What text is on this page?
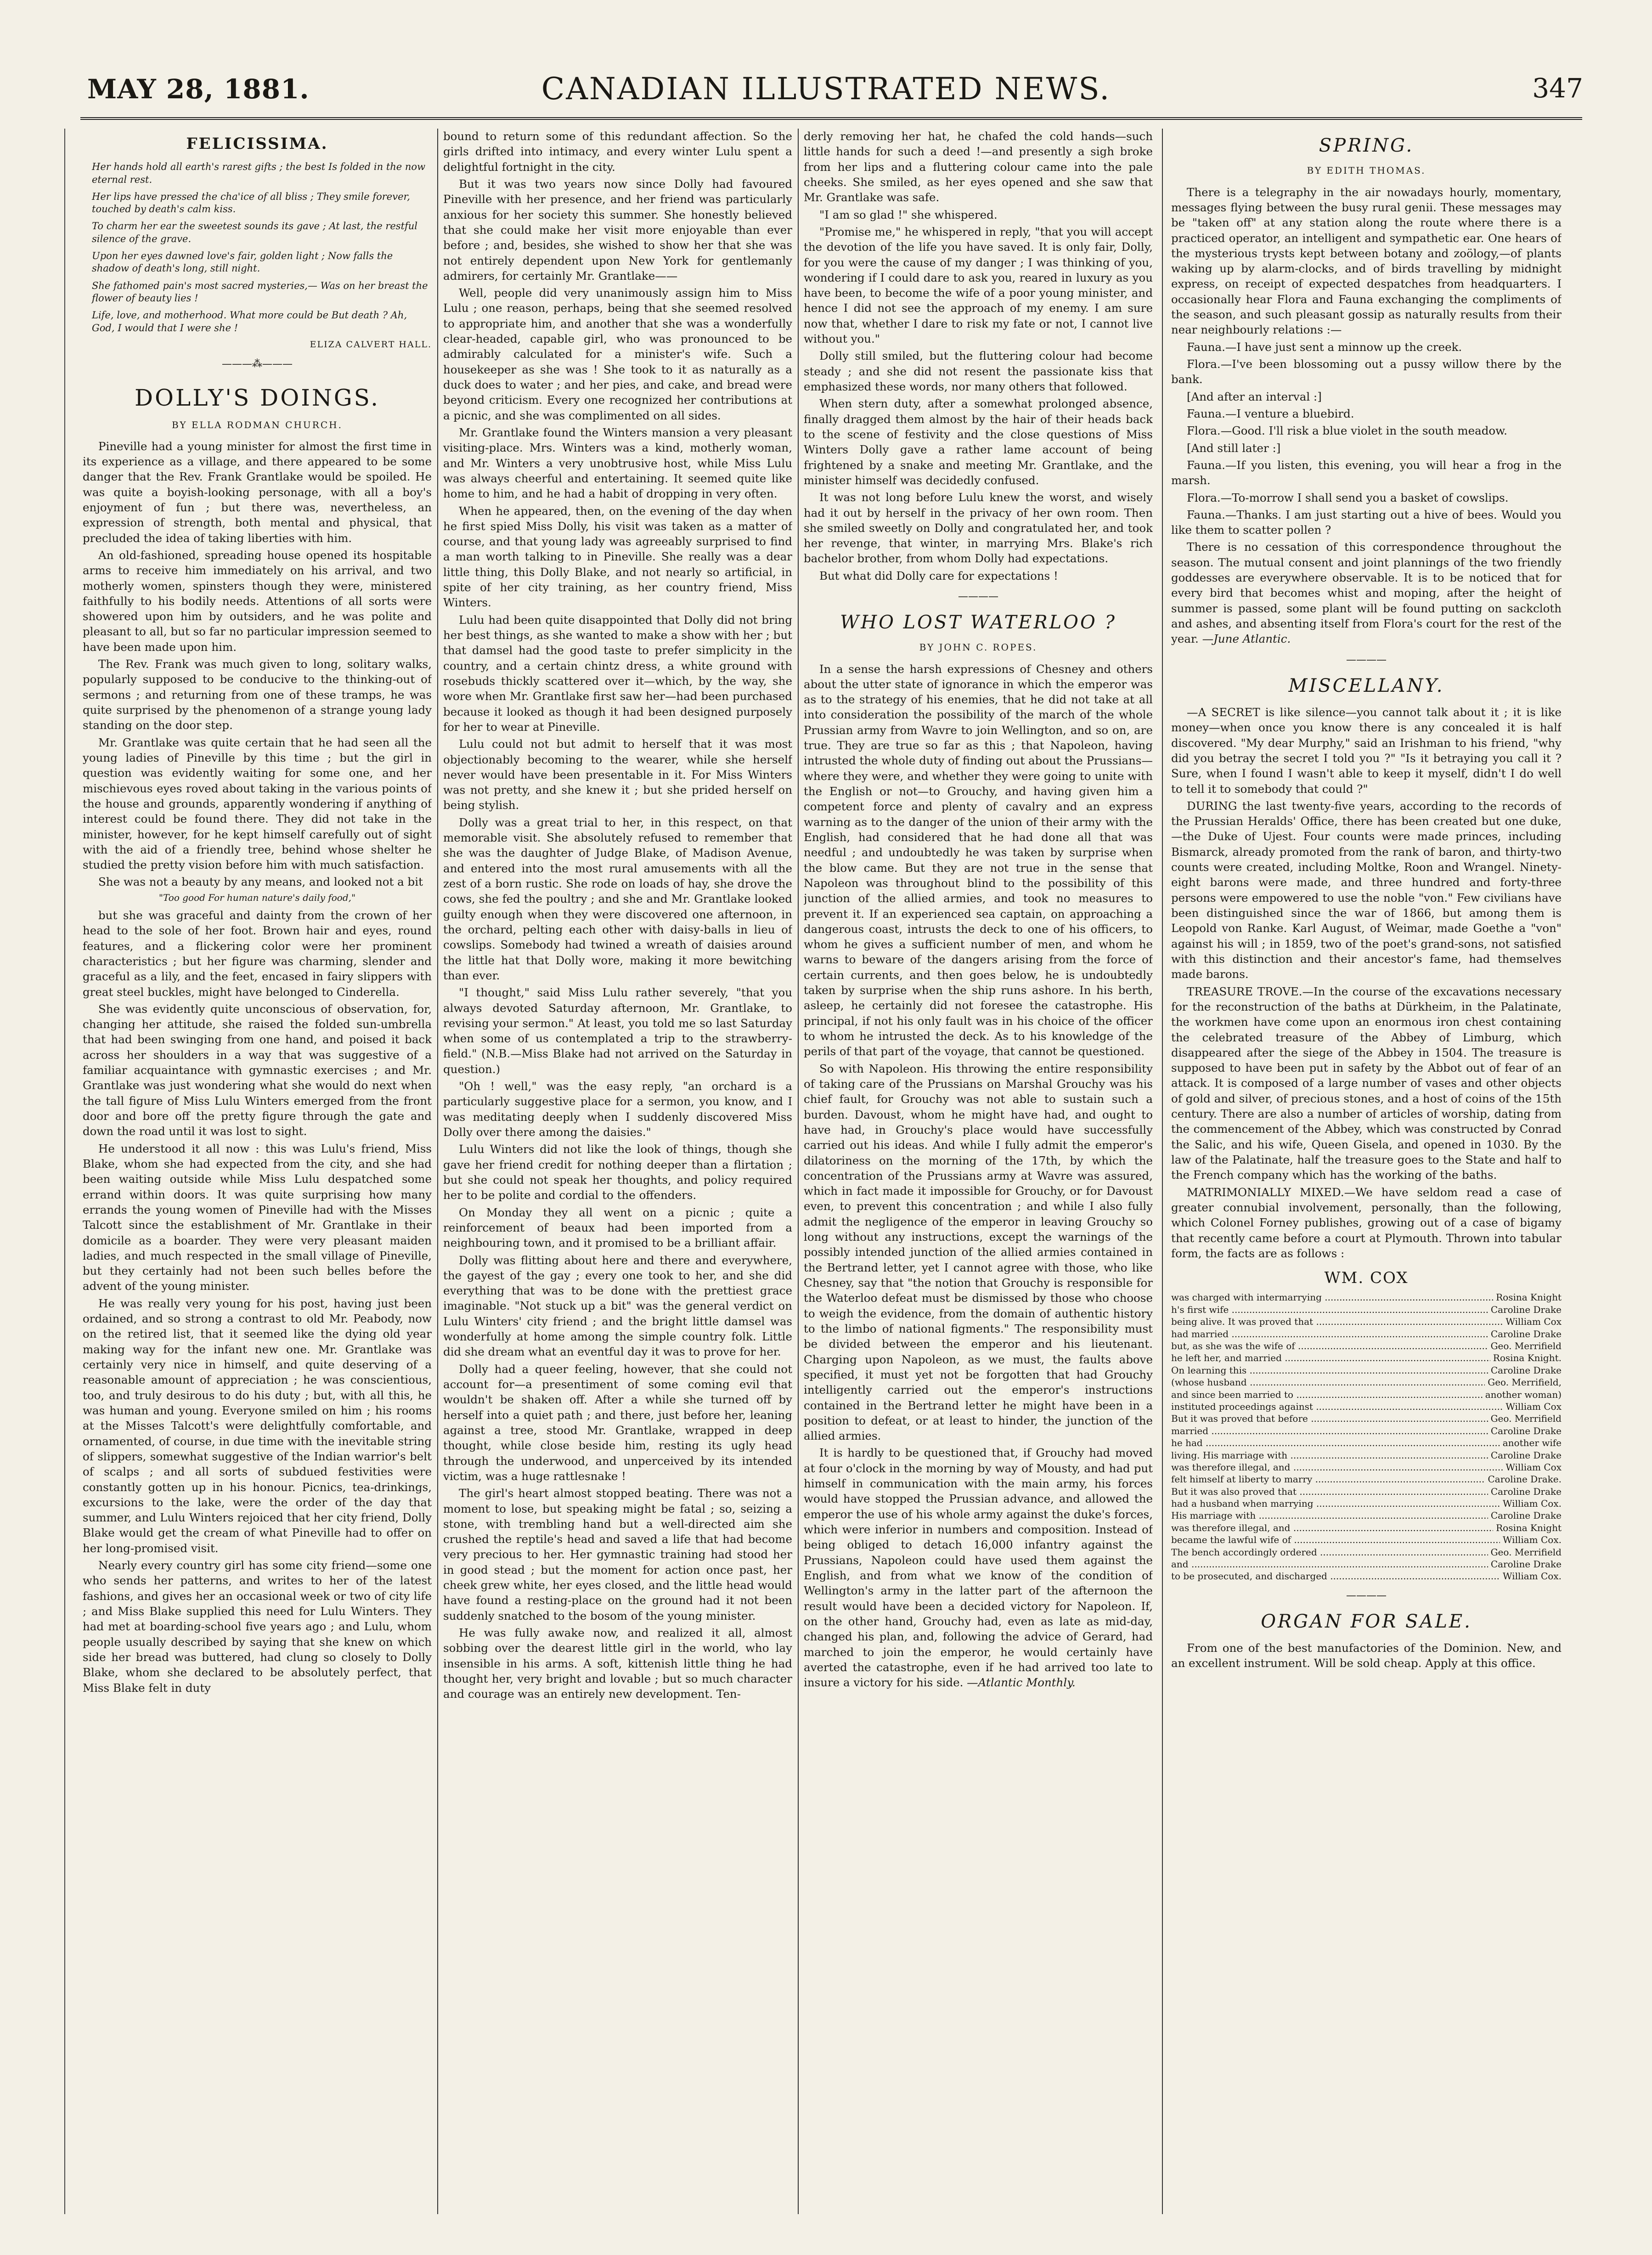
MAY 28, 1881.	CANADIAN ILLUSTRATED NEWS.	347
FELICISSIMA.
Her hands hold all earth's rarest gifts ; the best Is folded in the now eternal rest.
Her lips have pressed the cha'ice of all bliss ; They smile forever, touched by death's calm kiss.
To charm her ear the sweetest sounds its gave ; At last, the restful silence of the grave.
Upon her eyes dawned love's fair, golden light ; Now falls the shadow of death's long, still night.
She fathomed pain's most sacred mysteries,— Was on her breast the flower of beauty lies !
Life, love, and motherhood. What more could be But death ? Ah, God, I would that I were she !
ELIZA CALVERT HALL.
———⁂———
DOLLY'S DOINGS.
BY ELLA RODMAN CHURCH.

Pineville had a young minister for almost the first time in its experience as a village, and there appeared to be some danger that the Rev. Frank Grantlake would be spoiled. He was quite a boyish-looking personage, with all a boy's enjoyment of fun ; but there was, nevertheless, an expression of strength, both mental and physical, that precluded the idea of taking liberties with him.

An old-fashioned, spreading house opened its hospitable arms to receive him immediately on his arrival, and two motherly women, spinsters though they were, ministered faithfully to his bodily needs. Attentions of all sorts were showered upon him by outsiders, and he was polite and pleasant to all, but so far no particular impression seemed to have been made upon him.

The Rev. Frank was much given to long, solitary walks, popularly supposed to be conducive to the thinking-out of sermons ; and returning from one of these tramps, he was quite surprised by the phenomenon of a strange young lady standing on the door step.

Mr. Grantlake was quite certain that he had seen all the young ladies of Pineville by this time ; but the girl in question was evidently waiting for some one, and her mischievous eyes roved about taking in the various points of the house and grounds, apparently wondering if anything of interest could be found there. They did not take in the minister, however, for he kept himself carefully out of sight with the aid of a friendly tree, behind whose shelter he studied the pretty vision before him with much satisfaction.

She was not a beauty by any means, and looked not a bit

"Too good For human nature's daily food,"

but she was graceful and dainty from the crown of her head to the sole of her foot. Brown hair and eyes, round features, and a flickering color were her prominent characteristics ; but her figure was charming, slender and graceful as a lily, and the feet, encased in fairy slippers with great steel buckles, might have belonged to Cinderella.

She was evidently quite unconscious of observation, for, changing her attitude, she raised the folded sun-umbrella that had been swinging from one hand, and poised it back across her shoulders in a way that was suggestive of a familiar acquaintance with gymnastic exercises ; and Mr. Grantlake was just wondering what she would do next when the tall figure of Miss Lulu Winters emerged from the front door and bore off the pretty figure through the gate and down the road until it was lost to sight.

He understood it all now : this was Lulu's friend, Miss Blake, whom she had expected from the city, and she had been waiting outside while Miss Lulu despatched some errand within doors. It was quite surprising how many errands the young women of Pineville had with the Misses Talcott since the establishment of Mr. Grantlake in their domicile as a boarder. They were very pleasant maiden ladies, and much respected in the small village of Pineville, but they certainly had not been such belles before the advent of the young minister.

He was really very young for his post, having just been ordained, and so strong a contrast to old Mr. Peabody, now on the retired list, that it seemed like the dying old year making way for the infant new one. Mr. Grantlake was certainly very nice in himself, and quite deserving of a reasonable amount of appreciation ; he was conscientious, too, and truly desirous to do his duty ; but, with all this, he was human and young. Everyone smiled on him ; his rooms at the Misses Talcott's were delightfully comfortable, and ornamented, of course, in due time with the inevitable string of slippers, somewhat suggestive of the Indian warrior's belt of scalps ; and all sorts of subdued festivities were constantly gotten up in his honour. Picnics, tea-drinkings, excursions to the lake, were the order of the day that summer, and Lulu Winters rejoiced that her city friend, Dolly Blake would get the cream of what Pineville had to offer on her long-promised visit.

Nearly every country girl has some city friend—some one who sends her patterns, and writes to her of the latest fashions, and gives her an occasional week or two of city life ; and Miss Blake supplied this need for Lulu Winters. They had met at boarding-school five years ago ; and Lulu, whom people usually described by saying that she knew on which side her bread was buttered, had clung so closely to Dolly Blake, whom she declared to be absolutely perfect, that Miss Blake felt in duty

bound to return some of this redundant affection. So the girls drifted into intimacy, and every winter Lulu spent a delightful fortnight in the city.

But it was two years now since Dolly had favoured Pineville with her presence, and her friend was particularly anxious for her society this summer. She honestly believed that she could make her visit more enjoyable than ever before ; and, besides, she wished to show her that she was not entirely dependent upon New York for gentlemanly admirers, for certainly Mr. Grantlake——

Well, people did very unanimously assign him to Miss Lulu ; one reason, perhaps, being that she seemed resolved to appropriate him, and another that she was a wonderfully clear-headed, capable girl, who was pronounced to be admirably calculated for a minister's wife. Such a housekeeper as she was ! She took to it as naturally as a duck does to water ; and her pies, and cake, and bread were beyond criticism. Every one recognized her contributions at a picnic, and she was complimented on all sides.

Mr. Grantlake found the Winters mansion a very pleasant visiting-place. Mrs. Winters was a kind, motherly woman, and Mr. Winters a very unobtrusive host, while Miss Lulu was always cheerful and entertaining. It seemed quite like home to him, and he had a habit of dropping in very often.

When he appeared, then, on the evening of the day when he first spied Miss Dolly, his visit was taken as a matter of course, and that young lady was agreeably surprised to find a man worth talking to in Pineville. She really was a dear little thing, this Dolly Blake, and not nearly so artificial, in spite of her city training, as her country friend, Miss Winters.

Lulu had been quite disappointed that Dolly did not bring her best things, as she wanted to make a show with her ; but that damsel had the good taste to prefer simplicity in the country, and a certain chintz dress, a white ground with rosebuds thickly scattered over it—which, by the way, she wore when Mr. Grantlake first saw her—had been purchased because it looked as though it had been designed purposely for her to wear at Pineville.

Lulu could not but admit to herself that it was most objectionably becoming to the wearer, while she herself never would have been presentable in it. For Miss Winters was not pretty, and she knew it ; but she prided herself on being stylish.

Dolly was a great trial to her, in this respect, on that memorable visit. She absolutely refused to remember that she was the daughter of Judge Blake, of Madison Avenue, and entered into the most rural amusements with all the zest of a born rustic. She rode on loads of hay, she drove the cows, she fed the poultry ; and she and Mr. Grantlake looked guilty enough when they were discovered one afternoon, in the orchard, pelting each other with daisy-balls in lieu of cowslips. Somebody had twined a wreath of daisies around the little hat that Dolly wore, making it more bewitching than ever.

"I thought," said Miss Lulu rather severely, "that you always devoted Saturday afternoon, Mr. Grantlake, to revising your sermon." At least, you told me so last Saturday when some of us contemplated a trip to the strawberry-field." (N.B.—Miss Blake had not arrived on the Saturday in question.)

"Oh ! well," was the easy reply, "an orchard is a particularly suggestive place for a sermon, you know, and I was meditating deeply when I suddenly discovered Miss Dolly over there among the daisies."

Lulu Winters did not like the look of things, though she gave her friend credit for nothing deeper than a flirtation ; but she could not speak her thoughts, and policy required her to be polite and cordial to the offenders.

On Monday they all went on a picnic ; quite a reinforcement of beaux had been imported from a neighbouring town, and it promised to be a brilliant affair.

Dolly was flitting about here and there and everywhere, the gayest of the gay ; every one took to her, and she did everything that was to be done with the prettiest grace imaginable. "Not stuck up a bit" was the general verdict on Lulu Winters' city friend ; and the bright little damsel was wonderfully at home among the simple country folk. Little did she dream what an eventful day it was to prove for her.

Dolly had a queer feeling, however, that she could not account for—a presentiment of some coming evil that wouldn't be shaken off. After a while she turned off by herself into a quiet path ; and there, just before her, leaning against a tree, stood Mr. Grantlake, wrapped in deep thought, while close beside him, resting its ugly head through the underwood, and unperceived by its intended victim, was a huge rattlesnake !

The girl's heart almost stopped beating. There was not a moment to lose, but speaking might be fatal ; so, seizing a stone, with trembling hand but a well-directed aim she crushed the reptile's head and saved a life that had become very precious to her. Her gymnastic training had stood her in good stead ; but the moment for action once past, her cheek grew white, her eyes closed, and the little head would have found a resting-place on the ground had it not been suddenly snatched to the bosom of the young minister.

He was fully awake now, and realized it all, almost sobbing over the dearest little girl in the world, who lay insensible in his arms. A soft, kittenish little thing he had thought her, very bright and lovable ; but so much character and courage was an entirely new development. Ten-

derly removing her hat, he chafed the cold hands—such little hands for such a deed !—and presently a sigh broke from her lips and a fluttering colour came into the pale cheeks. She smiled, as her eyes opened and she saw that Mr. Grantlake was safe.

"I am so glad !" she whispered.

"Promise me," he whispered in reply, "that you will accept the devotion of the life you have saved. It is only fair, Dolly, for you were the cause of my danger ; I was thinking of you, wondering if I could dare to ask you, reared in luxury as you have been, to become the wife of a poor young minister, and hence I did not see the approach of my enemy. I am sure now that, whether I dare to risk my fate or not, I cannot live without you."

Dolly still smiled, but the fluttering colour had become steady ; and she did not resent the passionate kiss that emphasized these words, nor many others that followed.

When stern duty, after a somewhat prolonged absence, finally dragged them almost by the hair of their heads back to the scene of festivity and the close questions of Miss Winters Dolly gave a rather lame account of being frightened by a snake and meeting Mr. Grantlake, and the minister himself was decidedly confused.

It was not long before Lulu knew the worst, and wisely had it out by herself in the privacy of her own room. Then she smiled sweetly on Dolly and congratulated her, and took her revenge, that winter, in marrying Mrs. Blake's rich bachelor brother, from whom Dolly had expectations.

But what did Dolly care for expectations !

————
WHO LOST WATERLOO ?
BY JOHN C. ROPES.

In a sense the harsh expressions of Chesney and others about the utter state of ignorance in which the emperor was as to the strategy of his enemies, that he did not take at all into consideration the possibility of the march of the whole Prussian army from Wavre to join Wellington, and so on, are true. They are true so far as this ; that Napoleon, having intrusted the whole duty of finding out about the Prussians—where they were, and whether they were going to unite with the English or not—to Grouchy, and having given him a competent force and plenty of cavalry and an express warning as to the danger of the union of their army with the English, had considered that he had done all that was needful ; and undoubtedly he was taken by surprise when the blow came. But they are not true in the sense that Napoleon was throughout blind to the possibility of this junction of the allied armies, and took no measures to prevent it. If an experienced sea captain, on approaching a dangerous coast, intrusts the deck to one of his officers, to whom he gives a sufficient number of men, and whom he warns to beware of the dangers arising from the force of certain currents, and then goes below, he is undoubtedly taken by surprise when the ship runs ashore. In his berth, asleep, he certainly did not foresee the catastrophe. His principal, if not his only fault was in his choice of the officer to whom he intrusted the deck. As to his knowledge of the perils of that part of the voyage, that cannot be questioned.

So with Napoleon. His throwing the entire responsibility of taking care of the Prussians on Marshal Grouchy was his chief fault, for Grouchy was not able to sustain such a burden. Davoust, whom he might have had, and ought to have had, in Grouchy's place would have successfully carried out his ideas. And while I fully admit the emperor's dilatoriness on the morning of the 17th, by which the concentration of the Prussians army at Wavre was assured, which in fact made it impossible for Grouchy, or for Davoust even, to prevent this concentration ; and while I also fully admit the negligence of the emperor in leaving Grouchy so long without any instructions, except the warnings of the possibly intended junction of the allied armies contained in the Bertrand letter, yet I cannot agree with those, who like Chesney, say that "the notion that Grouchy is responsible for the Waterloo defeat must be dismissed by those who choose to weigh the evidence, from the domain of authentic history to the limbo of national figments." The responsibility must be divided between the emperor and his lieutenant. Charging upon Napoleon, as we must, the faults above specified, it must yet not be forgotten that had Grouchy intelligently carried out the emperor's instructions contained in the Bertrand letter he might have been in a position to defeat, or at least to hinder, the junction of the allied armies.

It is hardly to be questioned that, if Grouchy had moved at four o'clock in the morning by way of Mousty, and had put himself in communication with the main army, his forces would have stopped the Prussian advance, and allowed the emperor the use of his whole army against the duke's forces, which were inferior in numbers and composition. Instead of being obliged to detach 16,000 infantry against the Prussians, Napoleon could have used them against the English, and from what we know of the condition of Wellington's army in the latter part of the afternoon the result would have been a decided victory for Napoleon. If, on the other hand, Grouchy had, even as late as mid-day, changed his plan, and, following the advice of Gerard, had marched to join the emperor, he would certainly have averted the catastrophe, even if he had arrived too late to insure a victory for his side. —Atlantic Monthly.

SPRING.
BY EDITH THOMAS.

There is a telegraphy in the air nowadays hourly, momentary, messages flying between the busy rural genii. These messages may be "taken off" at any station along the route where there is a practiced operator, an intelligent and sympathetic ear. One hears of the mysterious trysts kept between botany and zoölogy,—of plants waking up by alarm-clocks, and of birds travelling by midnight express, on receipt of expected despatches from headquarters. I occasionally hear Flora and Fauna exchanging the compliments of the season, and such pleasant gossip as naturally results from their near neighbourly relations :—

Fauna.—I have just sent a minnow up the creek.

Flora.—I've been blossoming out a pussy willow there by the bank.

[And after an interval :]

Fauna.—I venture a bluebird.

Flora.—Good. I'll risk a blue violet in the south meadow.

[And still later :]

Fauna.—If you listen, this evening, you will hear a frog in the marsh.

Flora.—To-morrow I shall send you a basket of cowslips.

Fauna.—Thanks. I am just starting out a hive of bees. Would you like them to scatter pollen ?

There is no cessation of this correspondence throughout the season. The mutual consent and joint plannings of the two friendly goddesses are everywhere observable. It is to be noticed that for every bird that becomes whist and moping, after the height of summer is passed, some plant will be found putting on sackcloth and ashes, and absenting itself from Flora's court for the rest of the year. —June Atlantic.

————
MISCELLANY.

—A SECRET is like silence—you cannot talk about it ; it is like money—when once you know there is any concealed it is half discovered. "My dear Murphy," said an Irishman to his friend, "why did you betray the secret I told you ?" "Is it betraying you call it ? Sure, when I found I wasn't able to keep it myself, didn't I do well to tell it to somebody that could ?"

DURING the last twenty-five years, according to the records of the Prussian Heralds' Office, there has been created but one duke,—the Duke of Ujest. Four counts were made princes, including Bismarck, already promoted from the rank of baron, and thirty-two counts were created, including Moltke, Roon and Wrangel. Ninety-eight barons were made, and three hundred and forty-three persons were empowered to use the noble "von." Few civilians have been distinguished since the war of 1866, but among them is Leopold von Ranke. Karl August, of Weimar, made Goethe a "von" against his will ; in 1859, two of the poet's grand-sons, not satisfied with this distinction and their ancestor's fame, had themselves made barons.

TREASURE TROVE.—In the course of the excavations necessary for the reconstruction of the baths at Dürkheim, in the Palatinate, the workmen have come upon an enormous iron chest containing the celebrated treasure of the Abbey of Limburg, which disappeared after the siege of the Abbey in 1504. The treasure is supposed to have been put in safety by the Abbot out of fear of an attack. It is composed of a large number of vases and other objects of gold and silver, of precious stones, and a host of coins of the 15th century. There are also a number of articles of worship, dating from the commencement of the Abbey, which was constructed by Conrad the Salic, and his wife, Queen Gisela, and opened in 1030. By the law of the Palatinate, half the treasure goes to the State and half to the French company which has the working of the baths.

MATRIMONIALLY MIXED.—We have seldom read a case of greater connubial involvement, personally, than the following, which Colonel Forney publishes, growing out of a case of bigamy that recently came before a court at Plymouth. Thrown into tabular form, the facts are as follows :

WM. COX
was charged with intermarrying .....	Rosina Knight
h's first wife .....	Caroline Drake
being alive. It was proved that .....	William Cox
had married .....	Caroline Drake
but, as she was the wife of .....	Geo. Merrifield
he left her, and married .....	Rosina Knight.
On learning this .....	Caroline Drake
(whose husband .....	Geo. Merrifield,
and since been married to .....	another woman)
instituted proceedings against .....	William Cox
But it was proved that before .....	Geo. Merrifield
married .....	Caroline Drake
he had .....	another wife
living. His marriage with .....	Caroline Drake
was therefore illegal, and .....	William Cox
felt himself at liberty to marry .....	Caroline Drake.
But it was also proved that .....	Caroline Drake
had a husband when marrying .....	William Cox.
His marriage with .....	Caroline Drake
was therefore illegal, and .....	Rosina Knight
became the lawful wife of .....	William Cox.
The bench accordingly ordered .....	Geo. Merrifield
and .....	Caroline Drake
to be prosecuted, and discharged .....	William Cox.
————
ORGAN FOR SALE.

From one of the best manufactories of the Dominion. New, and an excellent instrument. Will be sold cheap. Apply at this office.
